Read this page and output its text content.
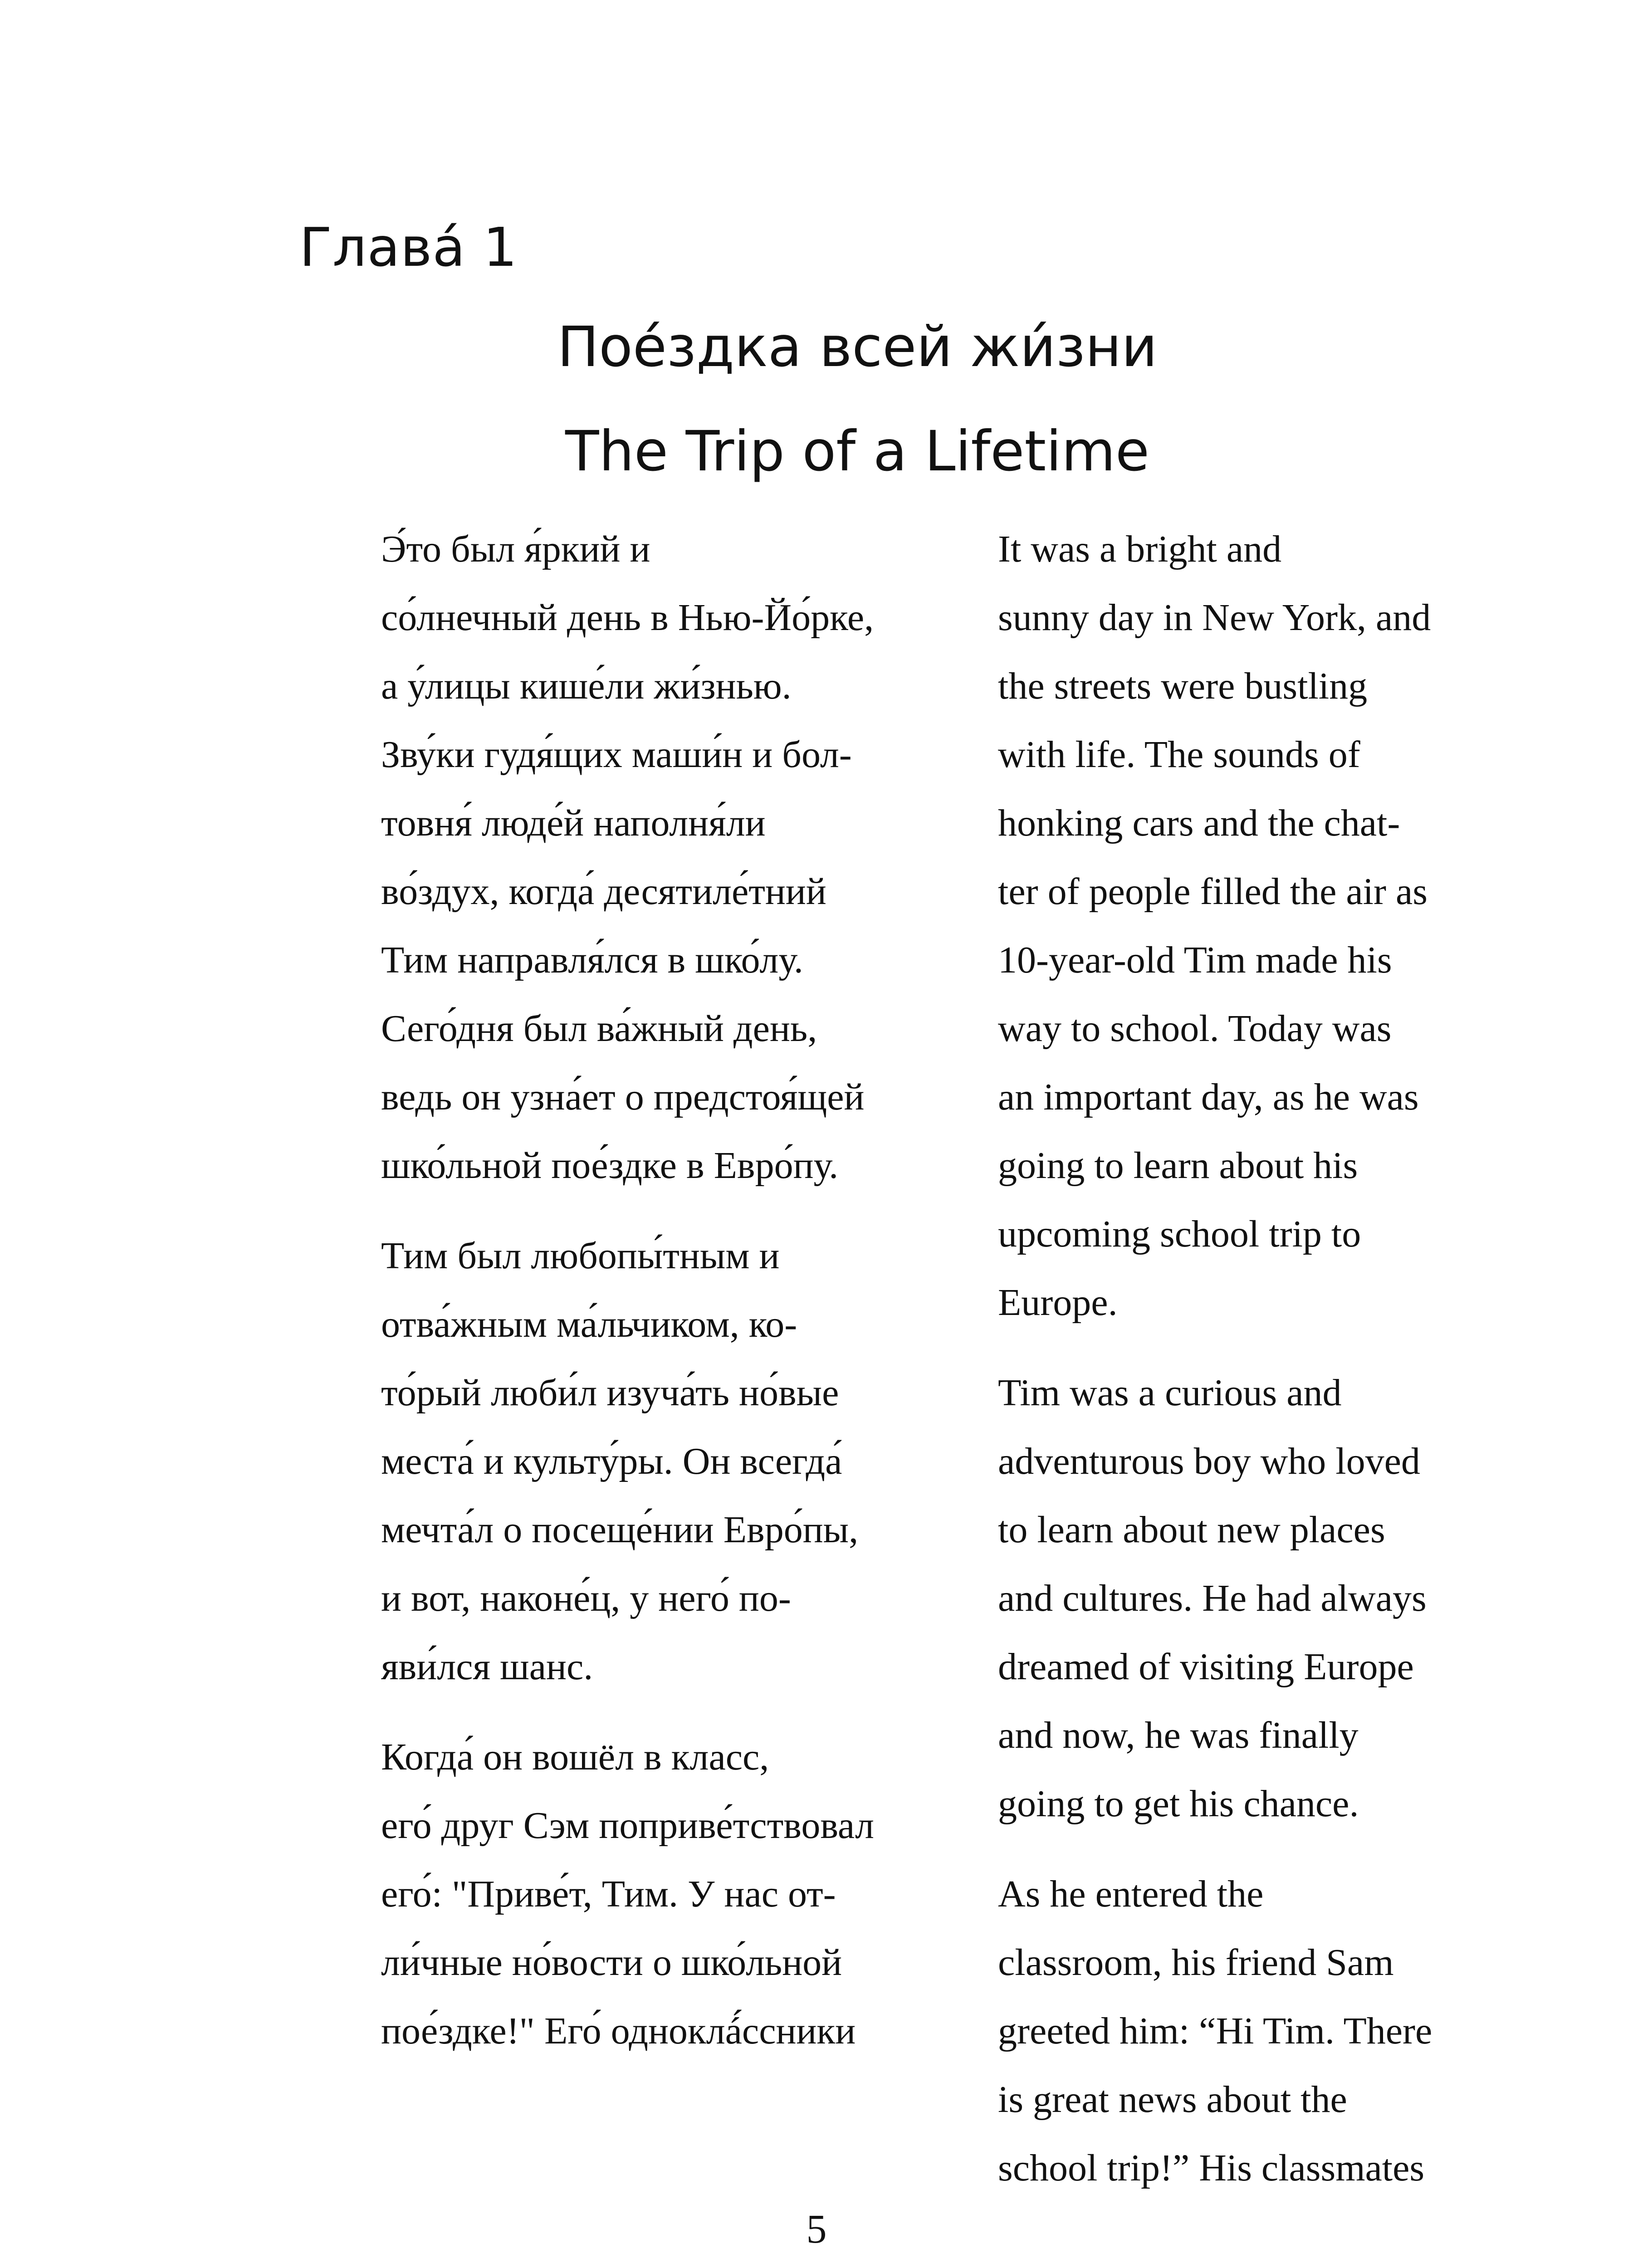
Глава́ 1
Пое́здка всей жи́зни
The Trip of a Lifetime

Э́то был я́ркий и
со́лнечный день в Нью-Йо́рке,
а у́лицы кише́ли жи́знью.
Зву́ки гудя́щих маши́н и бол-
товня́ люде́й наполня́ли
во́здух, когда́ десятиле́тний
Тим направля́лся в шко́лу.
Сего́дня был ва́жный день,
ведь он узна́ет о предстоя́щей
шко́льной пое́здке в Евро́пу.

Тим был любопы́тным и
отва́жным ма́льчиком, ко-
то́рый люби́л изуча́ть но́вые
места́ и культу́ры. Он всегда́
мечта́л о посеще́нии Евро́пы,
и вот, наконе́ц, у него́ по-
яви́лся шанс.

Когда́ он вошёл в класс,
его́ друг Сэм поприве́тствовал
его́: "Приве́т, Тим. У нас от-
ли́чные но́вости о шко́льной
пое́здке!" Его́ одноклá́ссники

It was a bright and
sunny day in New York, and
the streets were bustling
with life. The sounds of
honking cars and the chat-
ter of people filled the air as
10-year-old Tim made his
way to school. Today was
an important day, as he was
going to learn about his
upcoming school trip to
Europe.

Tim was a curious and
adventurous boy who loved
to learn about new places
and cultures. He had always
dreamed of visiting Europe
and now, he was finally
going to get his chance.

As he entered the
classroom, his friend Sam
greeted him: “Hi Tim. There
is great news about the
school trip!” His classmates

5
